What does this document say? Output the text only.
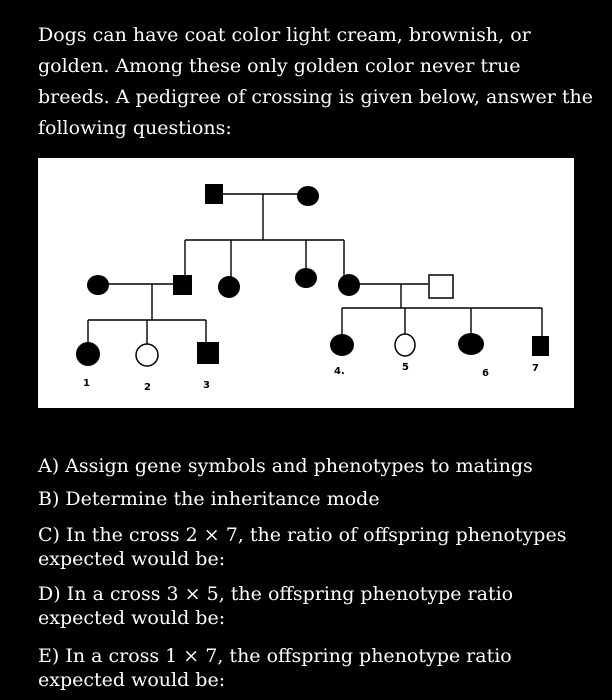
Dogs can have coat color light cream, brownish, or
golden. Among these only golden color never true
breeds. A pedigree of crossing is given below, answer the
following questions:
1	2	3
4.	5
6	7
A) Assign gene symbols and phenotypes to matings
B) Determine the inheritance mode
C) In the cross 2 × 7, the ratio of offspring phenotypes
expected would be:
D) In a cross 3 × 5, the offspring phenotype ratio
expected would be:
E) In a cross 1 × 7, the offspring phenotype ratio
expected would be:
